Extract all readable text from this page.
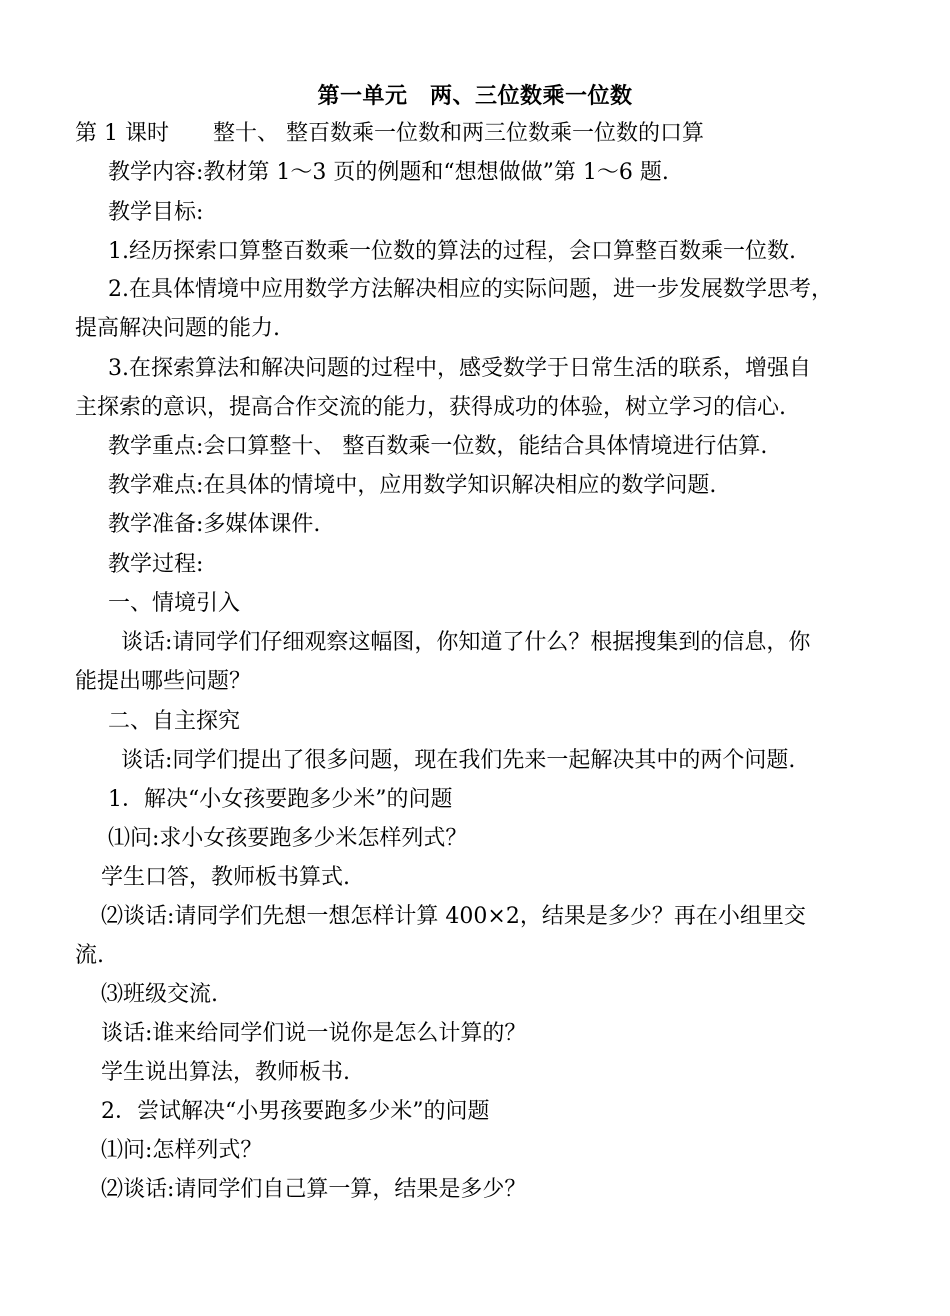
第一单元　两、三位数乘一位数
第 1 课时　　整十、 整百数乘一位数和两三位数乘一位数的口算
教学内容:教材第 1～3 页的例题和“想想做做”第 1～6 题.
教学目标:
1.经历探索口算整百数乘一位数的算法的过程，会口算整百数乘一位数.
2.在具体情境中应用数学方法解决相应的实际问题，进一步发展数学思考，
提高解决问题的能力.
3.在探索算法和解决问题的过程中，感受数学于日常生活的联系，增强自
主探索的意识，提高合作交流的能力，获得成功的体验，树立学习的信心.
教学重点:会口算整十、 整百数乘一位数，能结合具体情境进行估算.
教学难点:在具体的情境中，应用数学知识解决相应的数学问题.
教学准备:多媒体课件.
教学过程:
一、情境引入
谈话:请同学们仔细观察这幅图，你知道了什么？根据搜集到的信息，你
能提出哪些问题？
二、自主探究
谈话:同学们提出了很多问题，现在我们先来一起解决其中的两个问题.
1．解决“小女孩要跑多少米”的问题
⑴问:求小女孩要跑多少米怎样列式？
学生口答，教师板书算式.
⑵谈话:请同学们先想一想怎样计算 400×2，结果是多少？再在小组里交
流.
⑶班级交流.
谈话:谁来给同学们说一说你是怎么计算的？
学生说出算法，教师板书.
2．尝试解决“小男孩要跑多少米”的问题
⑴问:怎样列式？
⑵谈话:请同学们自己算一算，结果是多少？
